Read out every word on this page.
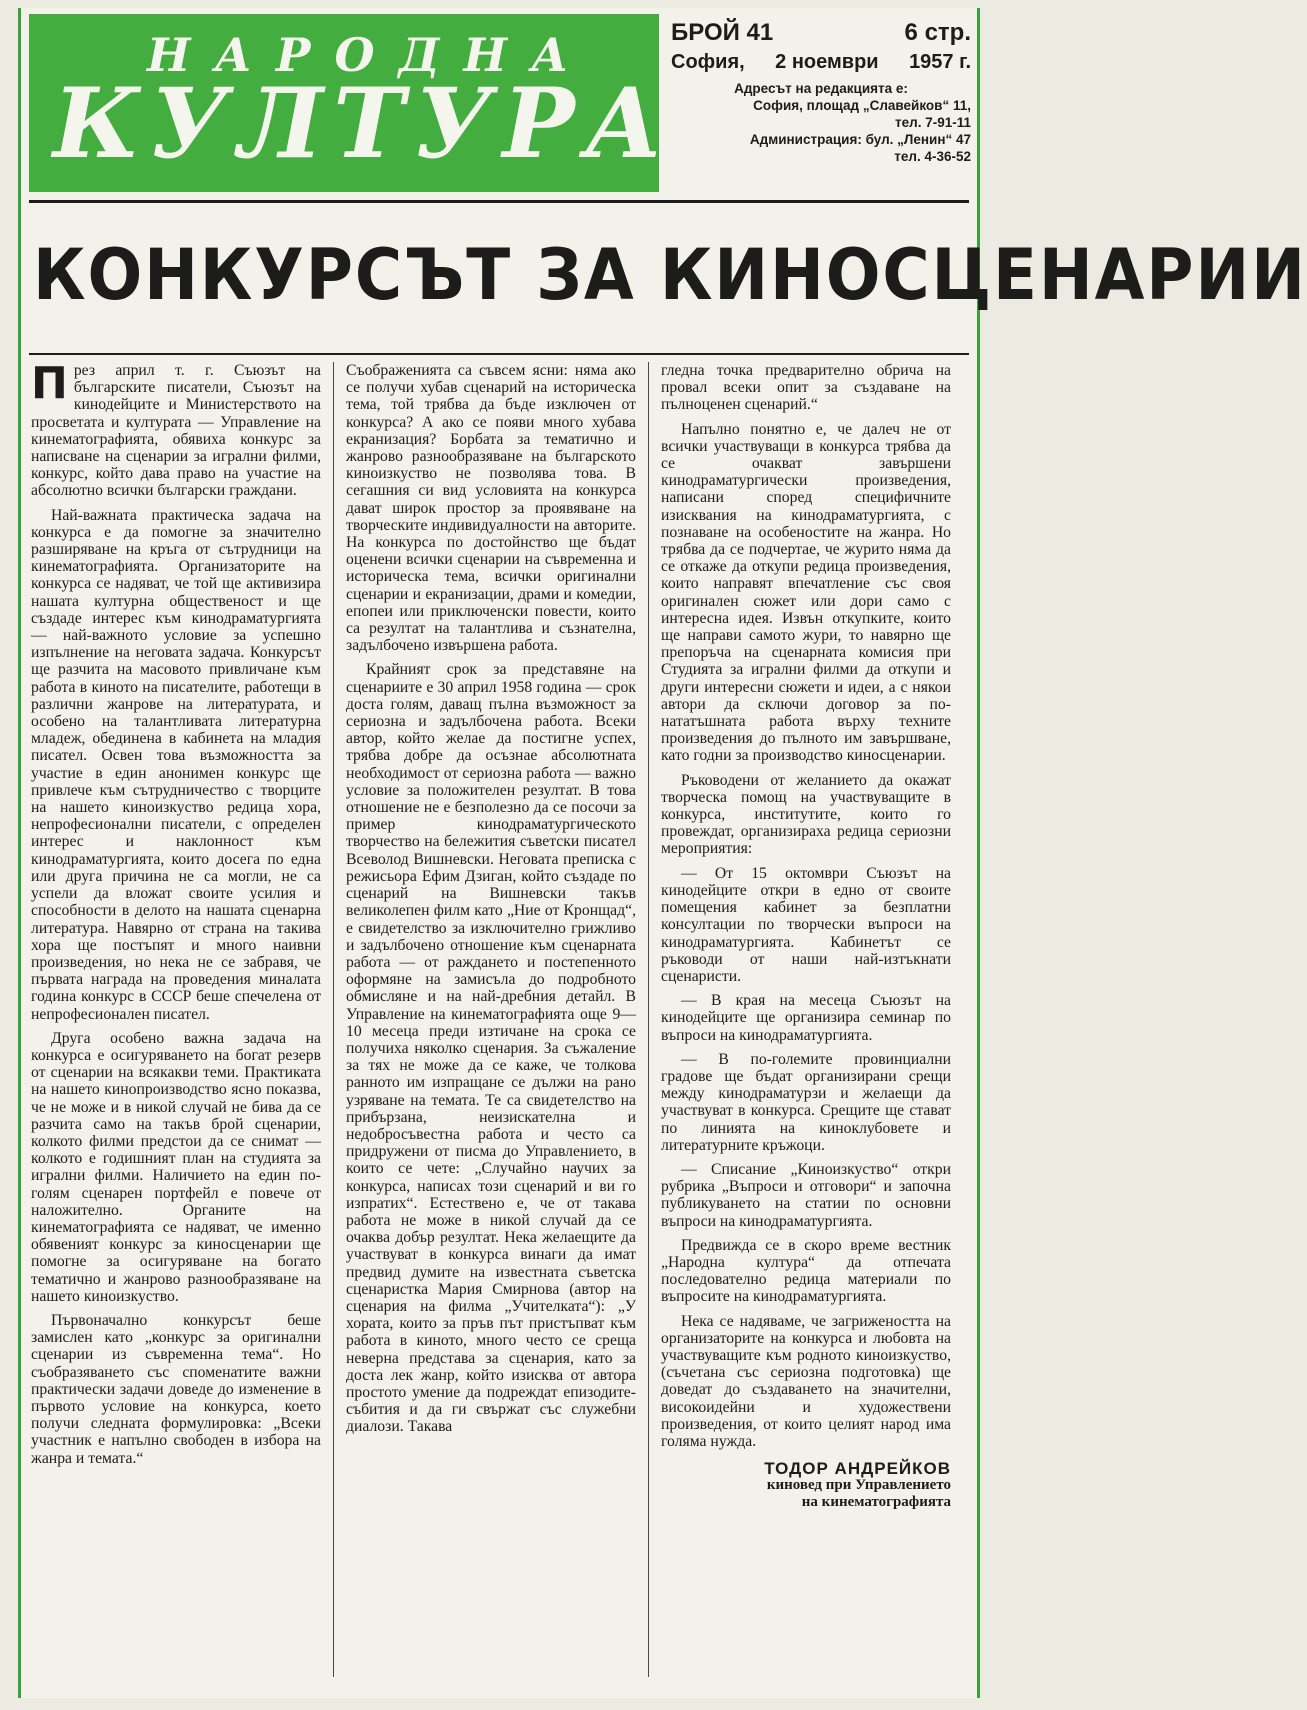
НАРОДНА
КУЛТУРА
БРОЙ 41	6 стр.
София, 2 ноември 1957 г.
Адресът на редакцията е:
София, площад „Славейков“ 11,
тел. 7-91-11
Администрация: бул. „Ленин“ 47
тел. 4-36-52
КОНКУРСЪТ ЗА КИНОСЦЕНАРИИ

През април т. г. Съюзът на българските писатели, Съюзът на кинодейците и Министерството на просветата и културата — Управление на кинематографията, обявиха конкурс за написване на сценарии за игрални филми, конкурс, който дава право на участие на абсолютно всички български граждани.

Най-важната практическа задача на конкурса е да помогне за значително разширяване на кръга от сътрудници на кинематографията. Организаторите на конкурса се надяват, че той ще активизира нашата културна общественост и ще създаде интерес към кинодраматургията — най-важното условие за успешно изпълнение на неговата задача. Конкурсът ще разчита на масовото привличане към работа в киното на писателите, работещи в различни жанрове на литературата, и особено на талантливата литературна младеж, обединена в кабинета на младия писател. Освен това възможността за участие в един анонимен конкурс ще привлече към сътрудничество с творците на нашето киноизкуство редица хора, непрофесионални писатели, с определен интерес и наклонност към кинодраматургията, които досега по една или друга причина не са могли, не са успели да вложат своите усилия и способности в делото на нашата сценарна литература. Навярно от страна на такива хора ще постъпят и много наивни произведения, но нека не се забравя, че първата награда на проведения миналата година конкурс в СССР беше спечелена от непрофесионален писател.

Друга особено важна задача на конкурса е осигуряването на богат резерв от сценарии на всякакви теми. Практиката на нашето кинопроизводство ясно показва, че не може и в никой случай не бива да се разчита само на такъв брой сценарии, колкото филми предстои да се снимат — колкото е годишният план на студията за игрални филми. Наличието на един по-голям сценарен портфейл е повече от наложително. Органите на кинематографията се надяват, че именно обявеният конкурс за киносценарии ще помогне за осигуряване на богато тематично и жанрово разнообразяване на нашето киноизкуство.

Първоначално конкурсът беше замислен като „конкурс за оригинални сценарии из съвременна тема“. Но съобразяването със споменатите важни практически задачи доведе до изменение в първото условие на конкурса, което получи следната формулировка: „Всеки участник е напълно свободен в избора на жанра и темата.“

Съображенията са съвсем ясни: няма ако се получи хубав сценарий на историческа тема, той трябва да бъде изключен от конкурса? А ако се появи много хубава екранизация? Борбата за тематично и жанрово разнообразяване на българското киноизкуство не позволява това. В сегашния си вид условията на конкурса дават широк простор за проявяване на творческите индивидуалности на авторите. На конкурса по достойнство ще бъдат оценени всички сценарии на съвременна и историческа тема, всички оригинални сценарии и екранизации, драми и комедии, епопеи или приключенски повести, които са резултат на талантлива и съзнателна, задълбочено извършена работа.

Крайният срок за представяне на сценариите е 30 април 1958 година — срок доста голям, даващ пълна възможност за сериозна и задълбочена работа. Всеки автор, който желае да постигне успех, трябва добре да осъзнае абсолютната необходимост от сериозна работа — важно условие за положителен резултат. В това отношение не е безполезно да се посочи за пример кинодраматургическото творчество на бележития съветски писател Всеволод Вишневски. Неговата преписка с режисьора Ефим Дзиган, който създаде по сценарий на Вишневски такъв великолепен филм като „Ние от Кронщад“, е свидетелство за изключително грижливо и задълбочено отношение към сценарната работа — от раждането и постепенното оформяне на замисъла до подробното обмисляне и на най-дребния детайл. В Управление на кинематографията още 9—10 месеца преди изтичане на срока се получиха няколко сценария. За съжаление за тях не може да се каже, че толкова ранното им изпращане се дължи на рано узряване на темата. Те са свидетелство на прибързана, неизискателна и недобросъвестна работа и често са придружени от писма до Управлението, в които се чете: „Случайно научих за конкурса, написах този сценарий и ви го изпратих“. Естествено е, че от такава работа не може в никой случай да се очаква добър резултат. Нека желаещите да участвуват в конкурса винаги да имат предвид думите на известната съветска сценаристка Мария Смирнова (автор на сценария на филма „Учителката“): „У хората, които за пръв път пристъпват към работа в киното, много често се среща неверна представа за сценария, като за доста лек жанр, който изисква от автора простото умение да подреждат епизодите-събития и да ги свържат със служебни диалози. Такава

гледна точка предварително обрича на провал всеки опит за създаване на пълноценен сценарий.“

Напълно понятно е, че далеч не от всички участвуващи в конкурса трябва да се очакват завършени кинодраматургически произведения, написани според специфичните изисквания на кинодраматургията, с познаване на особеностите на жанра. Но трябва да се подчертае, че журито няма да се откаже да откупи редица произведения, които направят впечатление със своя оригинален сюжет или дори само с интересна идея. Извън откупките, които ще направи самото жури, то навярно ще препоръча на сценарната комисия при Студията за игрални филми да откупи и други интересни сюжети и идеи, а с някои автори да сключи договор за по-нататъшната работа върху техните произведения до пълното им завършване, като годни за производство киносценарии.

Ръководени от желанието да окажат творческа помощ на участвуващите в конкурса, институтите, които го провеждат, организираха редица сериозни мероприятия:

— От 15 октомври Съюзът на кинодейците откри в едно от своите помещения кабинет за безплатни консултации по творчески въпроси на кинодраматургията. Кабинетът се ръководи от наши най-изтъкнати сценаристи.

— В края на месеца Съюзът на кинодейците ще организира семинар по въпроси на кинодраматургията.

— В по-големите провинциални градове ще бъдат организирани срещи между кинодраматурзи и желаещи да участвуват в конкурса. Срещите ще стават по линията на киноклубовете и литературните кръжоци.

— Списание „Киноизкуство“ откри рубрика „Въпроси и отговори“ и започна публикуването на статии по основни въпроси на кинодраматургията.

Предвижда се в скоро време вестник „Народна култура“ да отпечата последователно редица материали по въпросите на кинодраматургията.

Нека се надяваме, че загрижеността на организаторите на конкурса и любовта на участвуващите към родното киноизкуство, (съчетана със сериозна подготовка) ще доведат до създаването на значителни, високоидейни и художествени произведения, от които целият народ има голяма нужда.

ТОДОР АНДРЕЙКОВ
киновед при Управлението
на кинематографията
